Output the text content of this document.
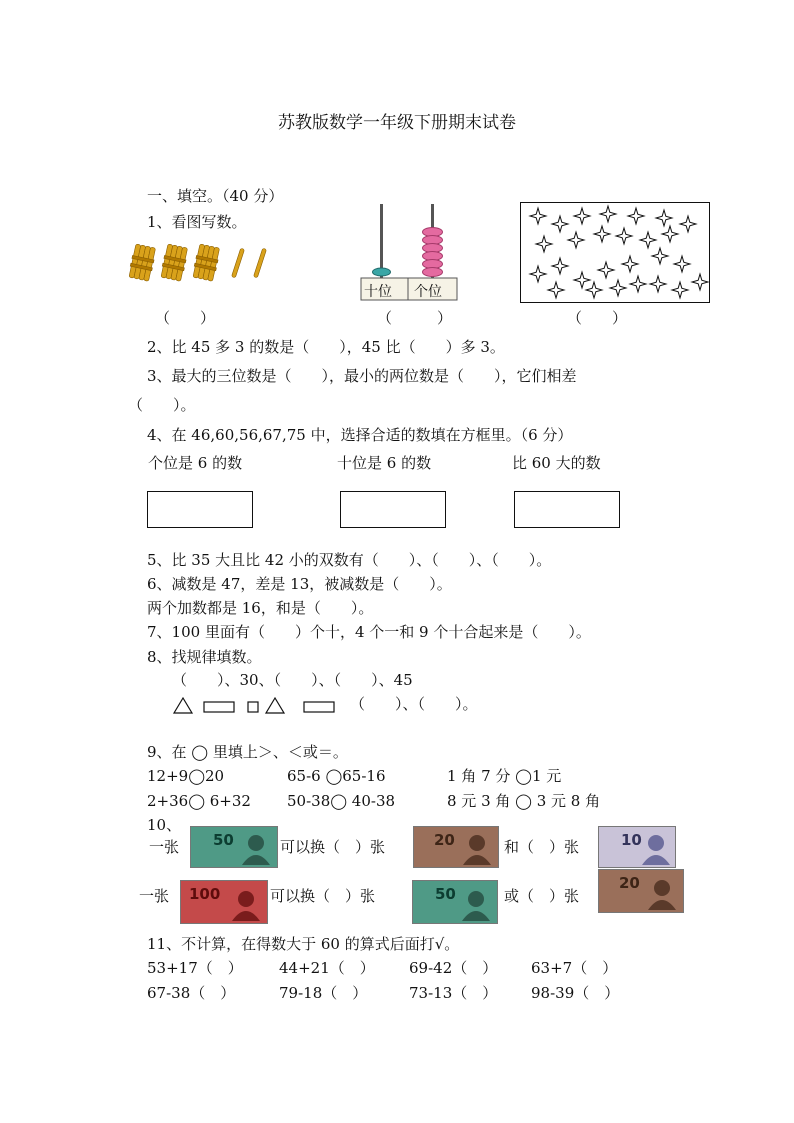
苏教版数学一年级下册期末试卷
一、填空。（40 分）
1、看图写数。
（　　）
十位 个位
（　　　）	（　　）
2、比 45 多 3 的数是（　　），45 比（　　）多 3。
3、最大的三位数是（　　），最小的两位数是（　　），它们相差
（　　）。
4、在 46,60,56,67,75 中，选择合适的数填在方框里。（6 分）
个位是 6 的数	十位是 6 的数	比 60 大的数
5、比 35 大且比 42 小的双数有（　　）、（　　）、（　　）。
6、减数是 47，差是 13，被减数是（　　）。
两个加数都是 16，和是（　　）。
7、100 里面有（　　）个十，4 个一和 9 个十合起来是（　　）。
8、找规律填数。
（　　）、30、（　　）、（　　）、45
（　　）、（　　）。
9、在 ◯ 里填上＞、＜或＝。
12+9◯20	65-6 ◯65-16	1 角 7 分 ◯1 元
2+36◯ 6+32 50-38◯ 40-38	8 元 3 角 ◯ 3 元 8 角
10、
一张 50	可以换（　）张	20	和（　）张	10
一张 100	可以换（　）张	50	或（　）张
20
11、不计算，在得数大于 60 的算式后面打√。
53+17（　） 44+21（　） 69-42（　） 63+7（　）
67-38（　）	79-18（　）	73-13（　） 98-39（　）
